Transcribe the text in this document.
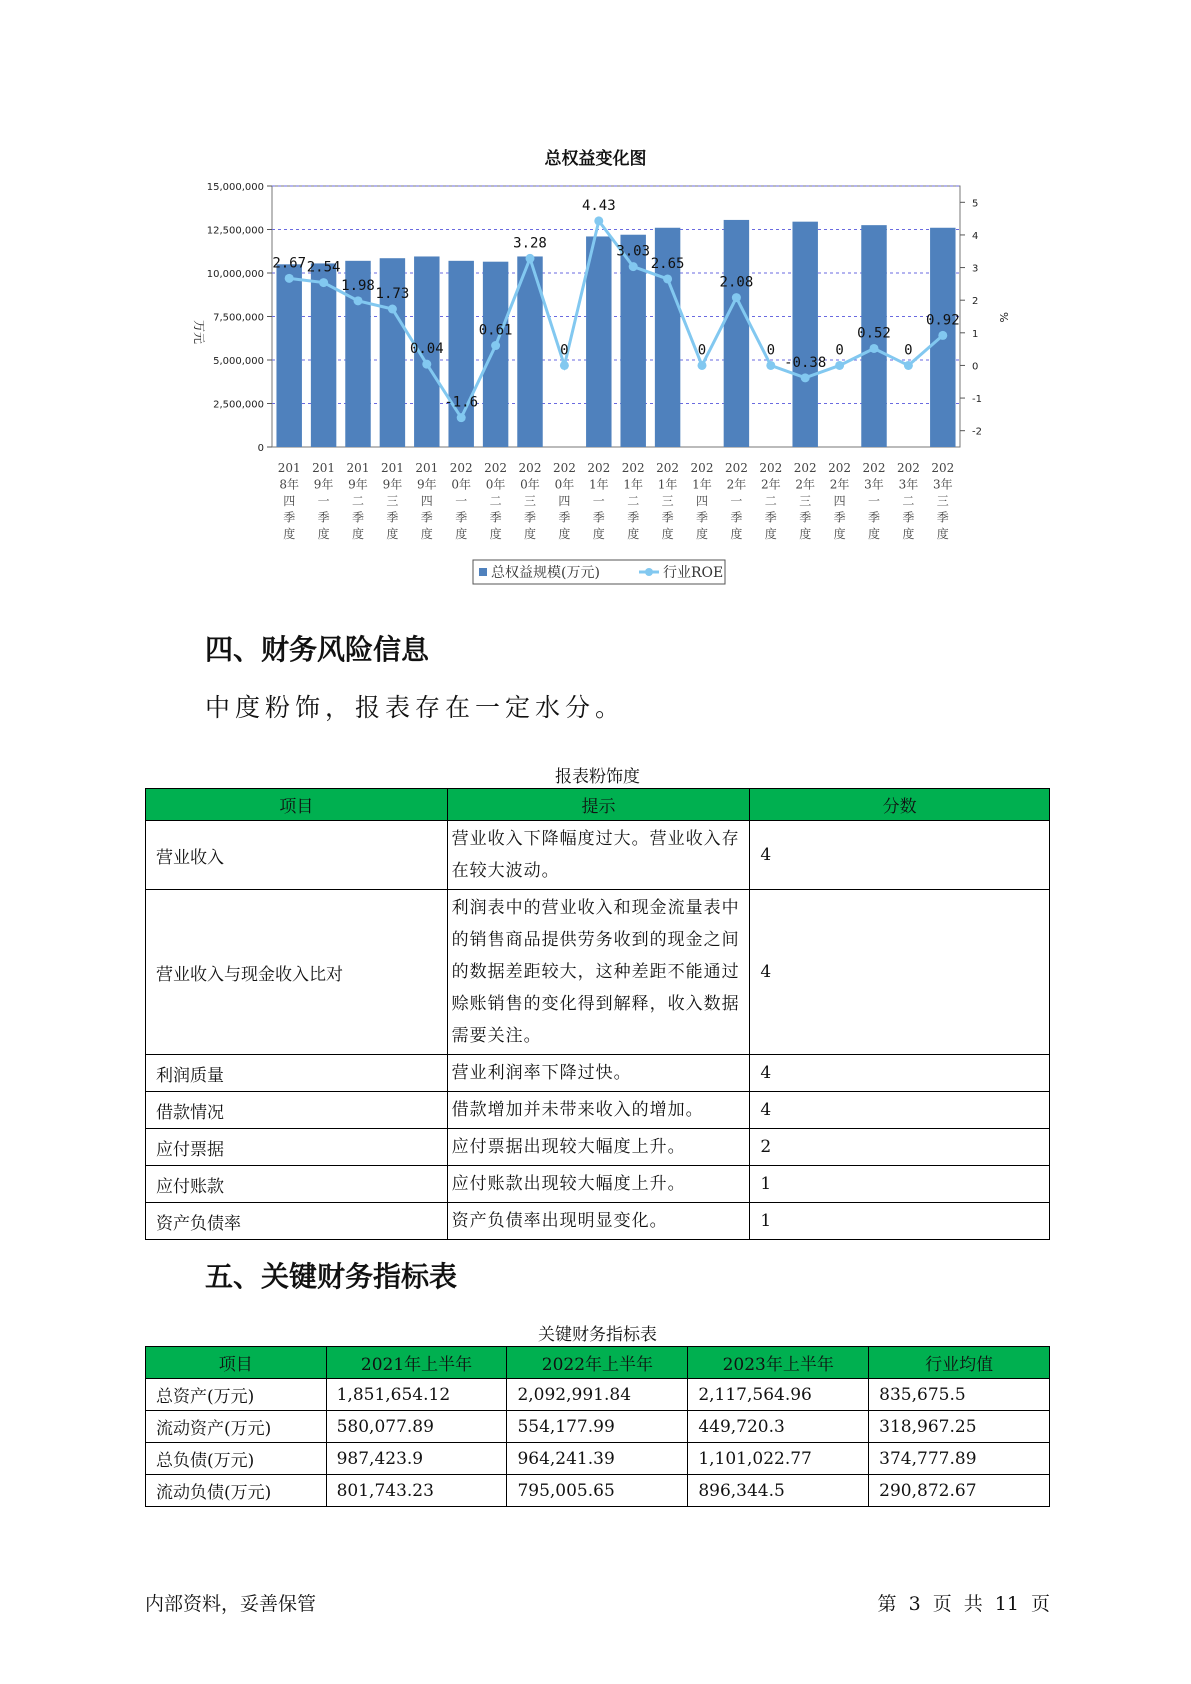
总权益变化图
15,000,000
12,500,000
10,000,000
7,500,000
5,000,000
2,500,000
0
5
4
3
2
1
0
-1
-2
万元
%
2.67 2.54
1.98
1.73
0.04
-1.6
0.61
3.28
0
4.43
3.03
2.65
0
2.08
0
-0.38
0
0.52
0
0.92
201
8年
四
季
度
201
9年
一
季
度
201
9年
二
季
度
201
9年
三
季
度
201
9年
四
季
度
202
0年
一
季
度
202
0年
二
季
度
202
0年
三
季
度
202
0年
四
季
度
202
1年
一
季
度
202
1年
二
季
度
202
1年
三
季
度
202
1年
四
季
度
202
2年
一
季
度
202
2年
二
季
度
202
2年
三
季
度
202
2年
四
季
度
202
3年
一
季
度
202
3年
二
季
度
202
3年
三
季
度
总权益规模(万元)	行业ROE
四、财务风险信息
中度粉饰，报表存在一定水分。
报表粉饰度
项目	提示	分数
营业收入	营业收入下降幅度过大。营业收入存在较大波动。	4
营业收入与现金收入比对	利润表中的营业收入和现金流量表中的销售商品提供劳务收到的现金之间的数据差距较大，这种差距不能通过赊账销售的变化得到解释，收入数据需要关注。	4
利润质量	营业利润率下降过快。	4
借款情况	借款增加并未带来收入的增加。	4
应付票据	应付票据出现较大幅度上升。	2
应付账款	应付账款出现较大幅度上升。	1
资产负债率	资产负债率出现明显变化。	1
五、关键财务指标表
关键财务指标表
项目	2021年上半年	2022年上半年	2023年上半年	行业均值
总资产(万元)	1,851,654.12	2,092,991.84	2,117,564.96	835,675.5
流动资产(万元)	580,077.89	554,177.99	449,720.3	318,967.25
总负债(万元)	987,423.9	964,241.39	1,101,022.77	374,777.89
流动负债(万元)	801,743.23	795,005.65	896,344.5	290,872.67
内部资料，妥善保管	第 3 页 共 11 页
